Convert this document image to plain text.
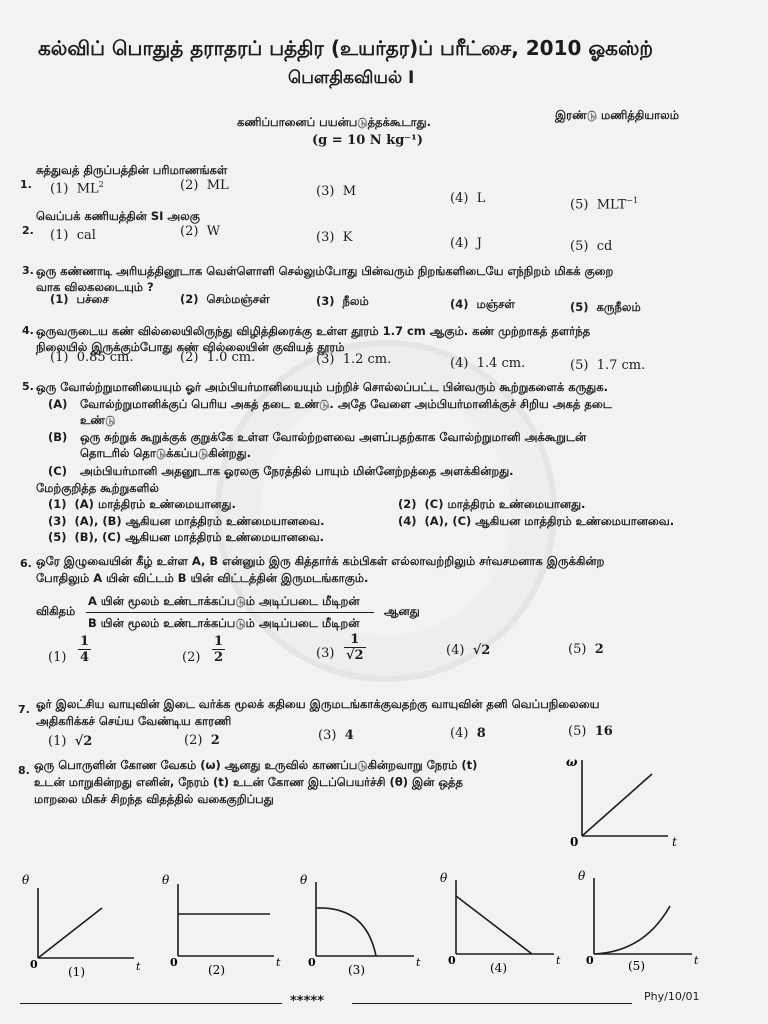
கல்விப் பொதுத் தராதரப் பத்திர (உயர்தர)ப் பரீட்சை, 2010 ஓகஸ்ற்
பௌதிகவியல் I
இரண்டு மணித்தியாலம்
கணிப்பானைப் பயன்படுத்தக்கூடாது.
(g = 10 N kg⁻¹)
1.
சுத்துவத் திருப்பத்தின் பரிமாணங்கள்
(1) $ML^2$	(2) ML	(3) M	(4) L	(5) $MLT^{-1}$
2.
வெப்பக் கணியத்தின் SI அலகு
(1) cal	(2) W	(3) K	(4) J	(5) cd
3. ஒரு கண்ணாடி அரியத்தினூடாக வெள்ளொளி செல்லும்போது பின்வரும் நிறங்களிடையே எந்நிறம் மிகக் குறை
வாக விலகலடையும் ?
(1) பச்சை	(2) செம்மஞ்சள்	(3) நீலம்	(4) மஞ்சள்	(5) கருநீலம்
4. ஒருவருடைய கண் வில்லையிலிருந்து விழித்திரைக்கு உள்ள தூரம் 1.7 cm ஆகும். கண் முற்றாகத் தளர்ந்த
நிலையில் இருக்கும்போது கண் வில்லையின் குவியத் தூரம்
(1) 0.85 cm.	(2) 1.0 cm.	(3) 1.2 cm.	(4) 1.4 cm.	(5) 1.7 cm.
5. ஒரு வோல்ற்றுமானியையும் ஓர் அம்பியர்மானியையும் பற்றிச் சொல்லப்பட்ட பின்வரும் கூற்றுகளைக் கருதுக.
(A) வோல்ற்றுமானிக்குப் பெரிய அகத் தடை உண்டு. அதே வேளை அம்பியர்மானிக்குச் சிறிய அகத் தடை
உண்டு
(B) ஒரு சுற்றுக் கூறுக்குக் குறுக்கே உள்ள வோல்ற்றளவை அளப்பதற்காக வோல்ற்றுமானி அக்கூறுடன்
தொடரில் தொடுக்கப்படுகின்றது.
(C) அம்பியர்மானி அதனூடாக ஓரலகு நேரத்தில் பாயும் மின்னேற்றத்தை அளக்கின்றது.
மேற்குறித்த கூற்றுகளில்
(1) (A) மாத்திரம் உண்மையானது.	(2) (C) மாத்திரம் உண்மையானது.
(3) (A), (B) ஆகியன மாத்திரம் உண்மையானவை.	(4) (A), (C) ஆகியன மாத்திரம் உண்மையானவை.
(5) (B), (C) ஆகியன மாத்திரம் உண்மையானவை.
6. ஒரே இழுவையின் கீழ் உள்ள A, B என்னும் இரு கித்தார்க் கம்பிகள் எல்லாவற்றிலும் சர்வசமனாக இருக்கின்ற
போதிலும் A யின் விட்டம் B யின் விட்டத்தின் இருமடங்காகும்.
விகிதம்
A யின் மூலம் உண்டாக்கப்படும் அடிப்படை மீடிறன்
B யின் மூலம் உண்டாக்கப்படும் அடிப்படை மீடிறன்
ஆனது
$(1) \frac{1}{4}$	$(2) \frac{1}{2}$	$(3) \frac{1}{√2}$	(4) √2	(5) 2
7. ஓர் இலட்சிய வாயுவின் இடை வர்க்க மூலக் கதியை இருமடங்காக்குவதற்கு வாயுவின் தனி வெப்பநிலையை
அதிகரிக்கச் செய்ய வேண்டிய காரணி
(1) √2	(2) 2	(3) 4	(4) 8	(5) 16
8. ஒரு பொருளின் கோண வேகம் (ω) ஆனது உருவில் காணப்படுகின்றவாறு நேரம் (t)
உடன் மாறுகின்றது எனின், நேரம் (t) உடன் கோண இடப்பெயர்ச்சி (θ) இன் ஒத்த
மாறலை மிகச் சிறந்த விதத்தில் வகைகுறிப்பது
ω
t
0
θ
t
0
(1)
θ
t
0
(2)
θ
t
0
(3)
θ
t
0
(4)
θ
t
0	(5)
*****	Phy/10/01
